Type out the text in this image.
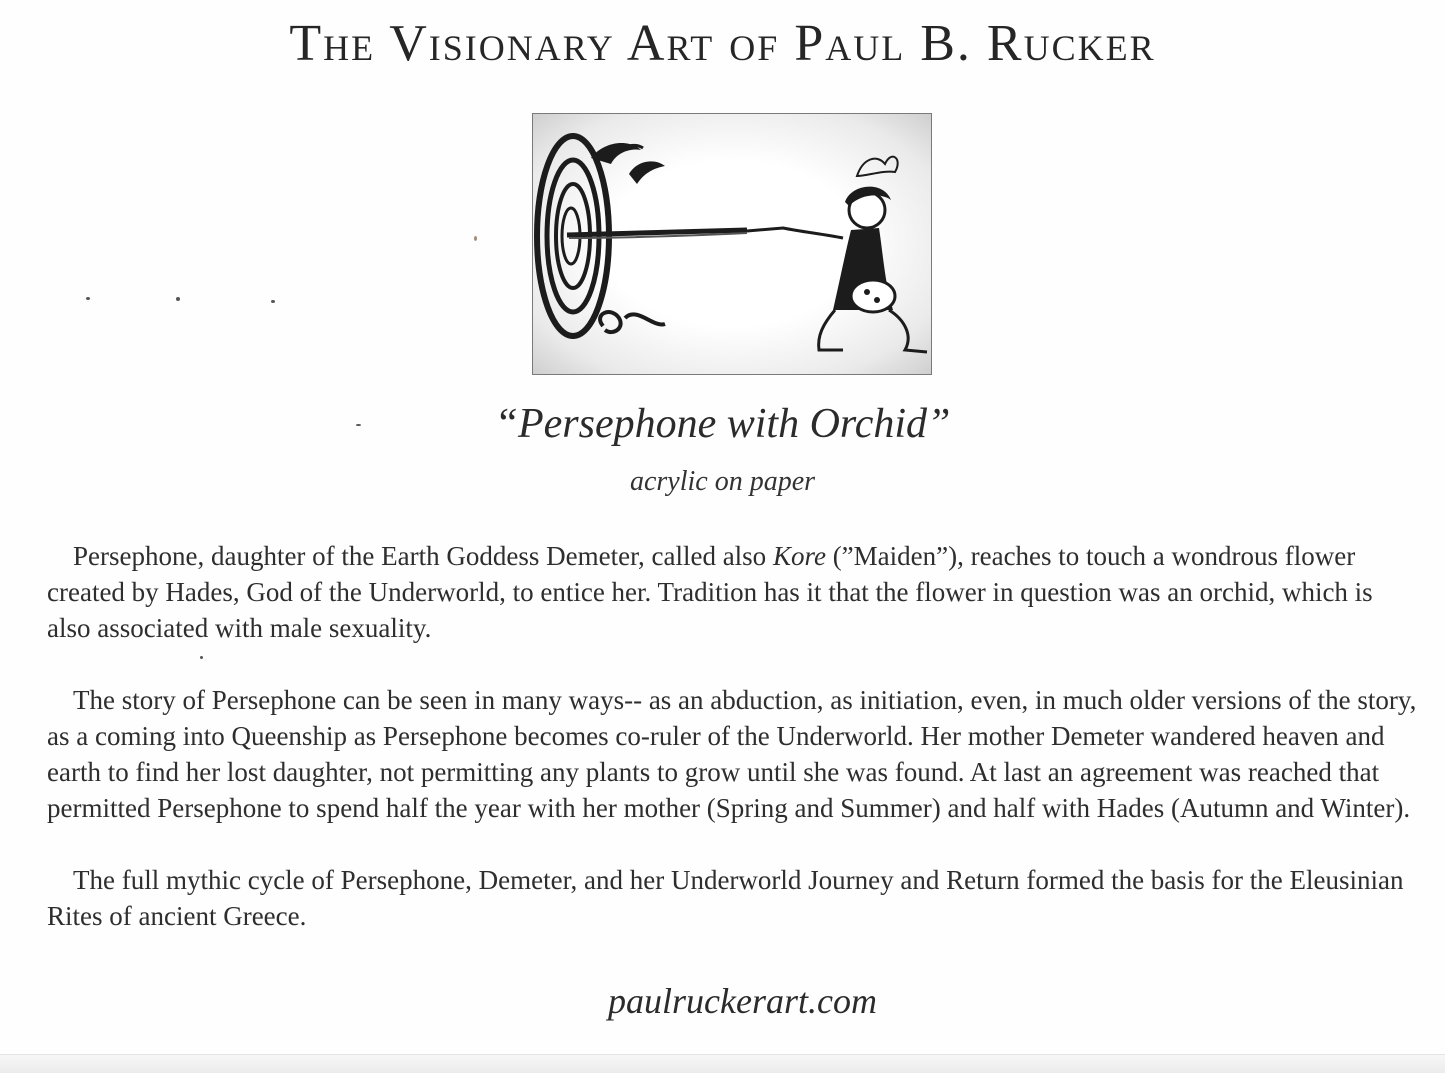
The Visionary Art of Paul B. Rucker
“Persephone with Orchid”
acrylic on paper

Persephone, daughter of the Earth Goddess Demeter, called also Kore (”Maiden”), reaches to touch a wondrous flower created by Hades, God of the Underworld, to entice her. Tradition has it that the flower in question was an orchid, which is also associated with male sexuality.

The story of Persephone can be seen in many ways-- as an abduction, as initiation, even, in much older versions of the story, as a coming into Queenship as Persephone becomes co-ruler of the Underworld. Her mother Demeter wandered heaven and earth to find her lost daughter, not permitting any plants to grow until she was found. At last an agreement was reached that permitted Persephone to spend half the year with her mother (Spring and Summer) and half with Hades (Autumn and Winter).

The full mythic cycle of Persephone, Demeter, and her Underworld Journey and Return formed the basis for the Eleusinian Rites of ancient Greece.

paulruckerart.com
